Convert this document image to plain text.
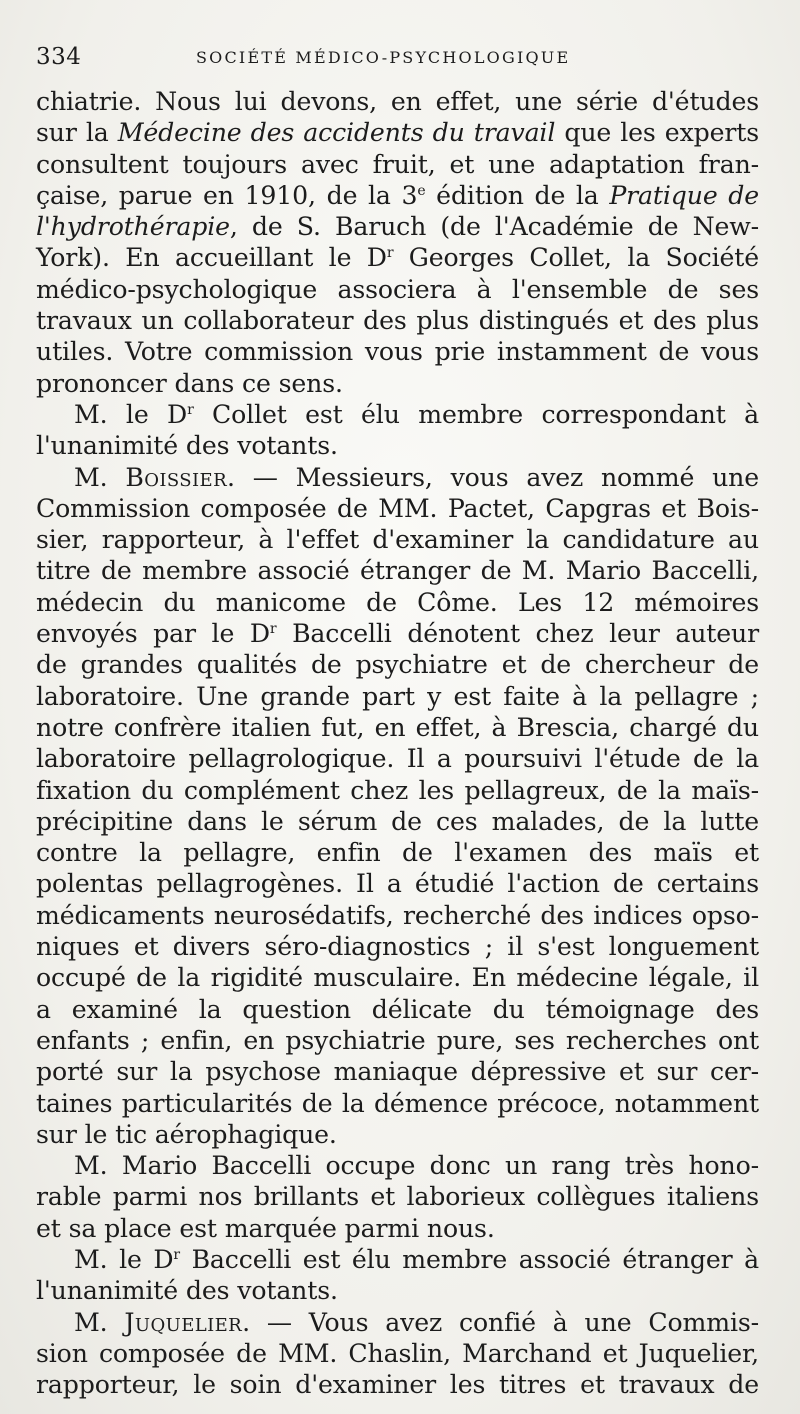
334	SOCIÉTÉ MÉDICO-PSYCHOLOGIQUE
chiatrie. Nous lui devons, en effet, une série d'études
sur la Médecine des accidents du travail que les experts
consultent toujours avec fruit, et une adaptation fran-
çaise, parue en 1910, de la 3e édition de la Pratique de
l'hydrothérapie, de S. Baruch (de l'Académie de New-
York). En accueillant le $D^r$ Georges Collet, la Société
médico-psychologique associera à l'ensemble de ses
travaux un collaborateur des plus distingués et des plus
utiles. Votre commission vous prie instamment de vous
prononcer dans ce sens.
M. le $D^r$ Collet est élu membre correspondant à
l'unanimité des votants.
M. Boissier. — Messieurs, vous avez nommé une
Commission composée de MM. Pactet, Capgras et Bois-
sier, rapporteur, à l'effet d'examiner la candidature au
titre de membre associé étranger de M. Mario Baccelli,
médecin du manicome de Côme. Les 12 mémoires
envoyés par le $D^r$ Baccelli dénotent chez leur auteur
de grandes qualités de psychiatre et de chercheur de
laboratoire. Une grande part y est faite à la pellagre ;
notre confrère italien fut, en effet, à Brescia, chargé du
laboratoire pellagrologique. Il a poursuivi l'étude de la
fixation du complément chez les pellagreux, de la maïs-
précipitine dans le sérum de ces malades, de la lutte
contre la pellagre, enfin de l'examen des maïs et
polentas pellagrogènes. Il a étudié l'action de certains
médicaments neurosédatifs, recherché des indices opso-
niques et divers séro-diagnostics ; il s'est longuement
occupé de la rigidité musculaire. En médecine légale, il
a examiné la question délicate du témoignage des
enfants ; enfin, en psychiatrie pure, ses recherches ont
porté sur la psychose maniaque dépressive et sur cer-
taines particularités de la démence précoce, notamment
sur le tic aérophagique.
M. Mario Baccelli occupe donc un rang très hono-
rable parmi nos brillants et laborieux collègues italiens
et sa place est marquée parmi nous.
M. le $D^r$ Baccelli est élu membre associé étranger à
l'unanimité des votants.
M. Juquelier. — Vous avez confié à une Commis-
sion composée de MM. Chaslin, Marchand et Juquelier,
rapporteur, le soin d'examiner les titres et travaux de
